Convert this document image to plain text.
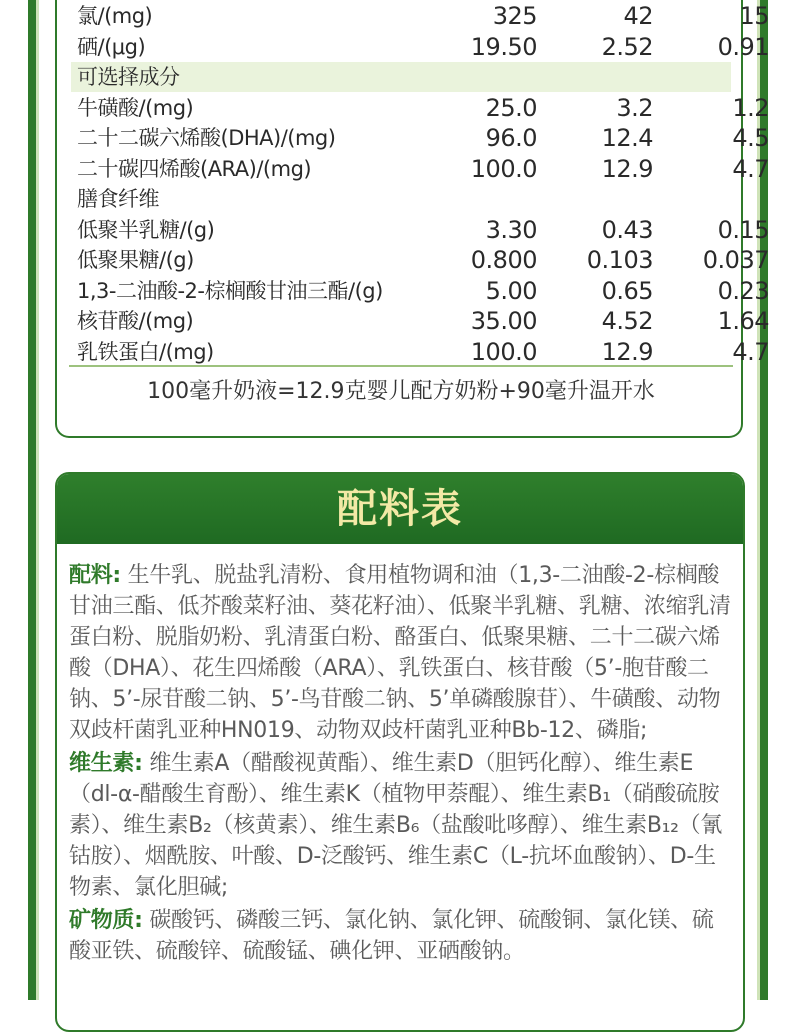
氯/(mg)	325	42	15
硒/(μg)	19.50	2.52	0.91
可选择成分
牛磺酸/(mg)	25.0	3.2	1.2
二十二碳六烯酸(DHA)/(mg)	96.0	12.4	4.5
二十碳四烯酸(ARA)/(mg)	100.0	12.9	4.7
膳食纤维
低聚半乳糖/(g)	3.30	0.43	0.15
低聚果糖/(g)	0.800	0.103	0.037
1,3-二油酸-2-棕榈酸甘油三酯/(g)	5.00	0.65	0.23
核苷酸/(mg)	35.00	4.52	1.64
乳铁蛋白/(mg)	100.0	12.9	4.7
100毫升奶液=12.9克婴儿配方奶粉+90毫升温开水
配料表

配料: 生牛乳、脱盐乳清粉、食用植物调和油（1,3-二油酸-2-棕榈酸甘油三酯、低芥酸菜籽油、葵花籽油）、低聚半乳糖、乳糖、浓缩乳清蛋白粉、脱脂奶粉、乳清蛋白粉、酪蛋白、低聚果糖、二十二碳六烯酸（DHA）、花生四烯酸（ARA）、乳铁蛋白、核苷酸（5’-胞苷酸二钠、5’-尿苷酸二钠、5’-鸟苷酸二钠、5’单磷酸腺苷）、牛磺酸、动物双歧杆菌乳亚种HN019、动物双歧杆菌乳亚种Bb-12、磷脂;

维生素: 维生素A（醋酸视黄酯）、维生素D（胆钙化醇）、维生素E（dl-α-醋酸生育酚）、维生素K（植物甲萘醌）、维生素B₁（硝酸硫胺素）、维生素B₂（核黄素）、维生素B₆（盐酸吡哆醇）、维生素B₁₂（氰钴胺）、烟酰胺、叶酸、D-泛酸钙、维生素C（L-抗坏血酸钠）、D-生物素、氯化胆碱;

矿物质: 碳酸钙、磷酸三钙、氯化钠、氯化钾、硫酸铜、氯化镁、硫酸亚铁、硫酸锌、硫酸锰、碘化钾、亚硒酸钠。
